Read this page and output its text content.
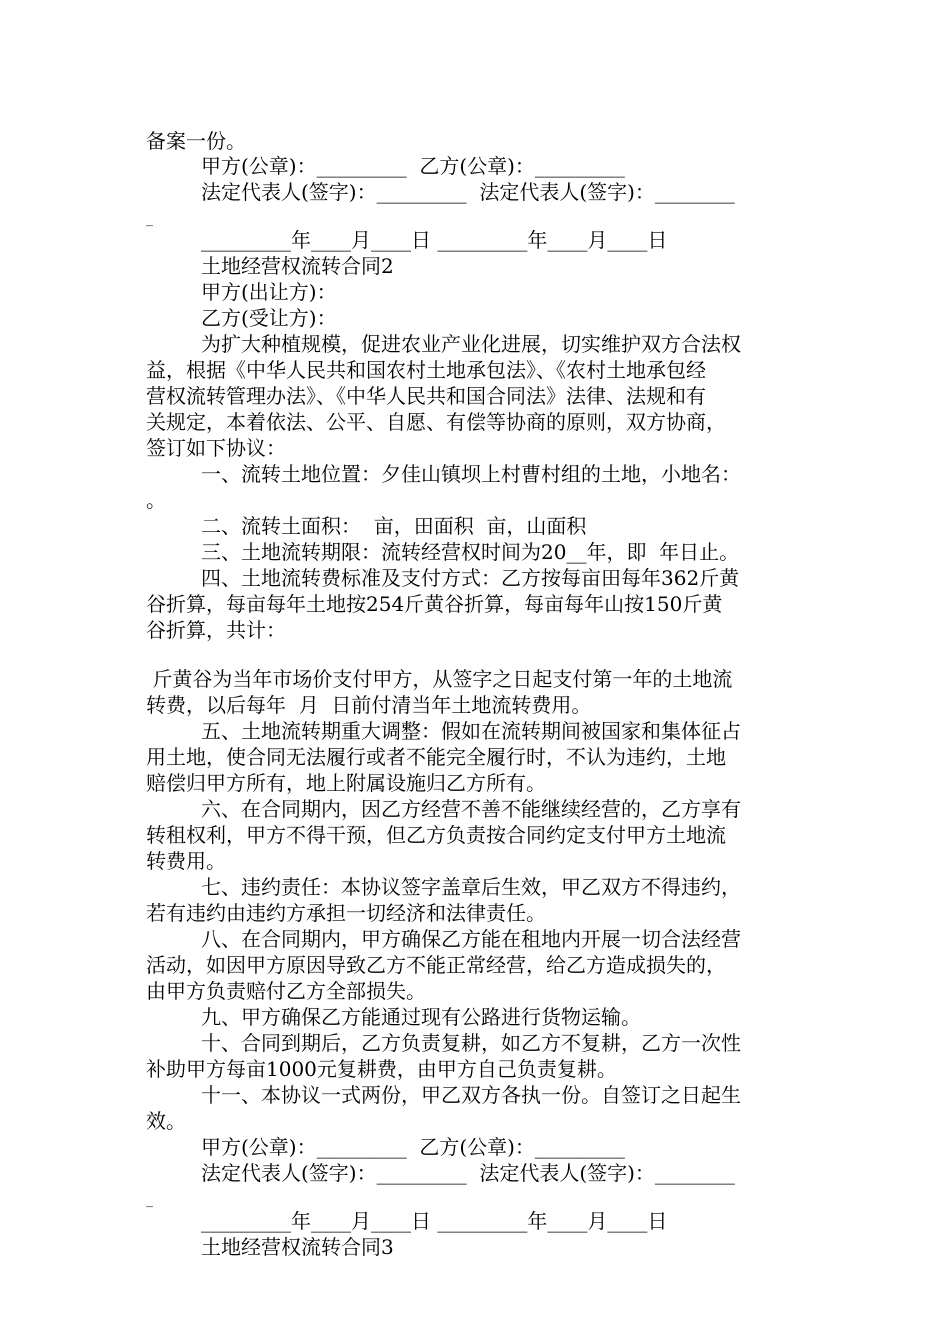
备案一份。

甲方(公章)：_________  乙方(公章)：_________

法定代表人(签字)：_________  法定代表人(签字)：________

_

_________年____月____日 _________年____月____日

土地经营权流转合同2

甲方(出让方)：

乙方(受让方)：

为扩大种植规模，促进农业产业化进展，切实维护双方合法权

益，根据《中华人民共和国农村土地承包法》、《农村土地承包经

营权流转管理办法》、《中华人民共和国合同法》法律、法规和有

关规定，本着依法、公平、自愿、有偿等协商的原则，双方协商，

签订如下协议：

一、流转土地位置：夕佳山镇坝上村曹村组的土地，小地名：

。

二、流转土面积：  亩，田面积  亩，山面积

三、土地流转期限：流转经营权时间为20__年，即  年日止。

四、土地流转费标准及支付方式：乙方按每亩田每年362斤黄

谷折算，每亩每年土地按254斤黄谷折算，每亩每年山按150斤黄

谷折算，共计：

斤黄谷为当年市场价支付甲方，从签字之日起支付第一年的土地流

转费，以后每年  月  日前付清当年土地流转费用。

五、土地流转期重大调整：假如在流转期间被国家和集体征占

用土地，使合同无法履行或者不能完全履行时，不认为违约，土地

赔偿归甲方所有，地上附属设施归乙方所有。

六、在合同期内，因乙方经营不善不能继续经营的，乙方享有

转租权利，甲方不得干预，但乙方负责按合同约定支付甲方土地流

转费用。

七、违约责任：本协议签字盖章后生效，甲乙双方不得违约，

若有违约由违约方承担一切经济和法律责任。

八、在合同期内，甲方确保乙方能在租地内开展一切合法经营

活动，如因甲方原因导致乙方不能正常经营，给乙方造成损失的，

由甲方负责赔付乙方全部损失。

九、甲方确保乙方能通过现有公路进行货物运输。

十、合同到期后，乙方负责复耕，如乙方不复耕，乙方一次性

补助甲方每亩1000元复耕费，由甲方自己负责复耕。

十一、本协议一式两份，甲乙双方各执一份。自签订之日起生

效。

甲方(公章)：_________  乙方(公章)：_________

法定代表人(签字)：_________  法定代表人(签字)：________

_

_________年____月____日 _________年____月____日

土地经营权流转合同3
